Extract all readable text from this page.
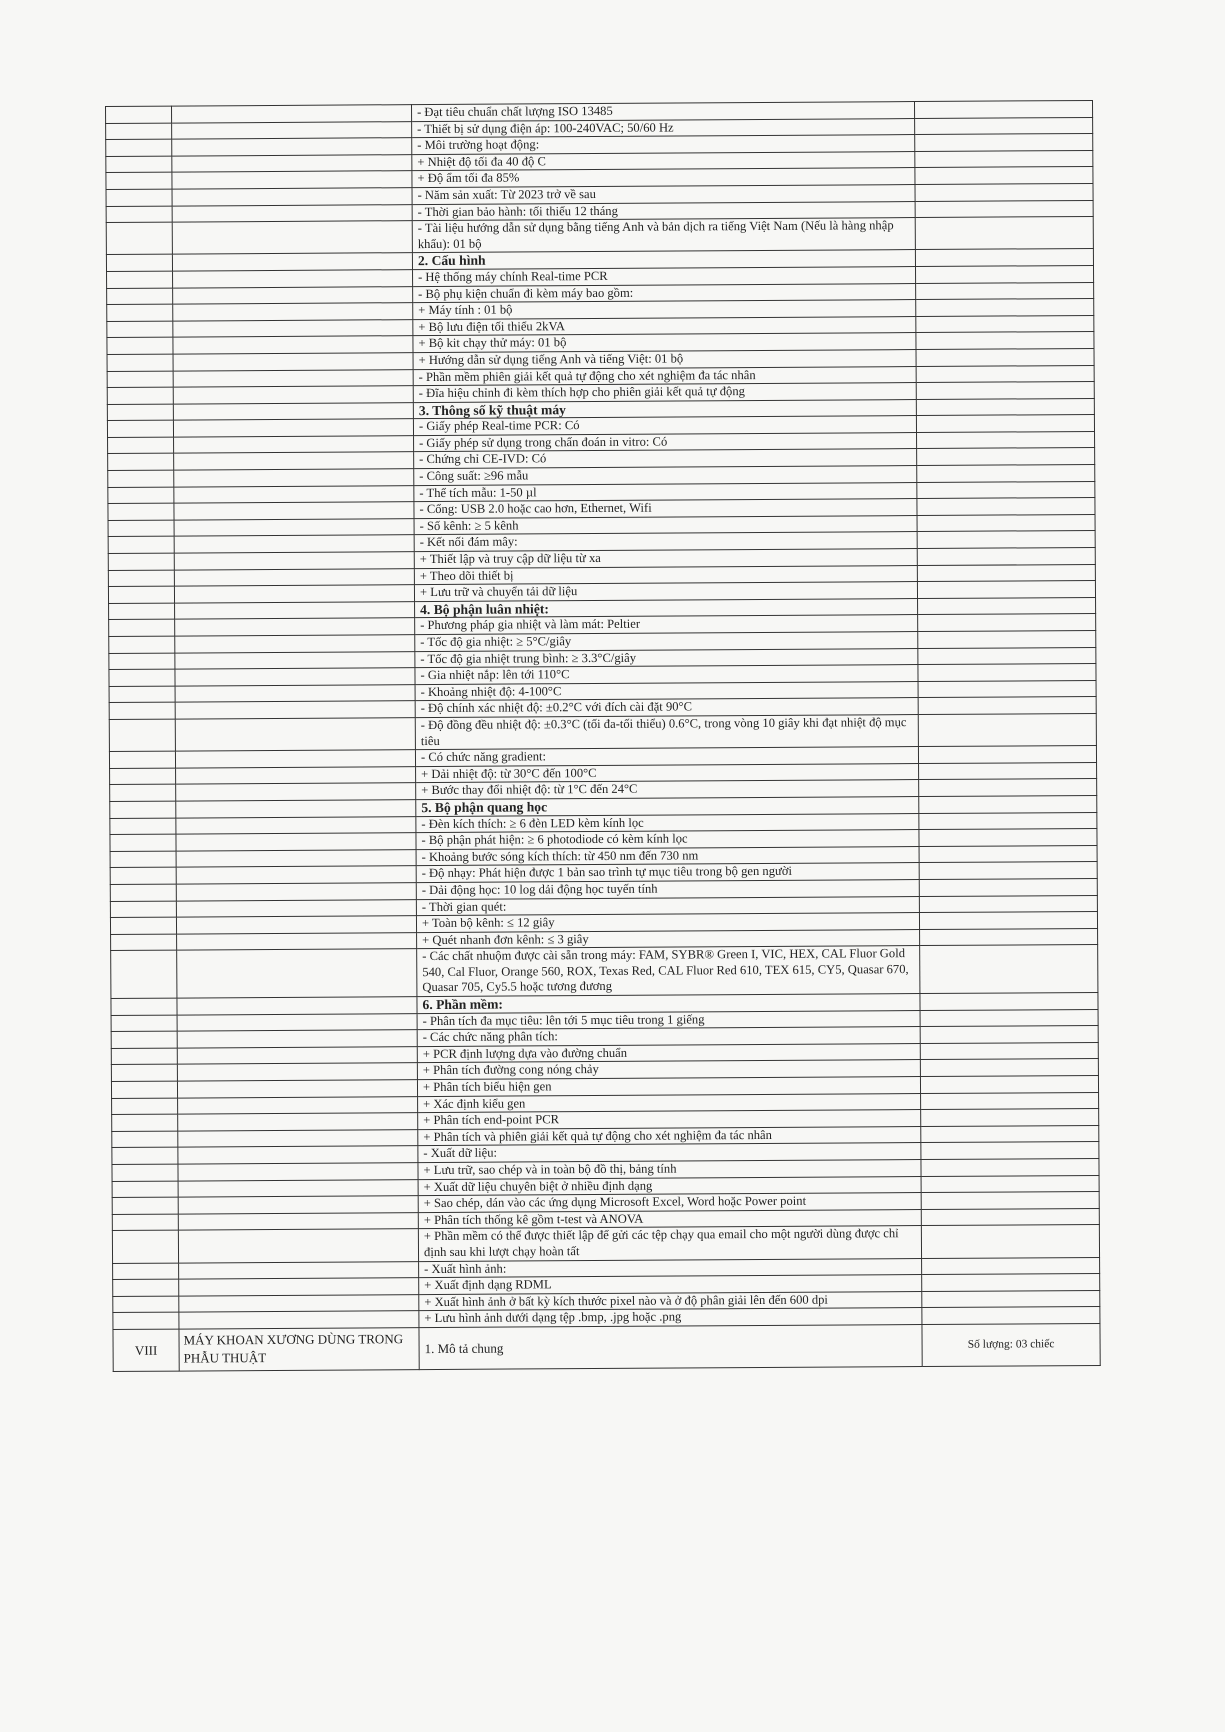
		- Đạt tiêu chuẩn chất lượng ISO 13485	
		- Thiết bị sử dụng điện áp: 100-240VAC; 50/60 Hz	
		- Môi trường hoạt động:	
		+ Nhiệt độ tối đa 40 độ C	
		+ Độ ẩm tối đa 85%	
		- Năm sản xuất: Từ 2023 trở về sau	
		- Thời gian bảo hành: tối thiểu 12 tháng	
		- Tài liệu hướng dẫn sử dụng bằng tiếng Anh và bản dịch ra tiếng Việt Nam (Nếu là hàng nhập khẩu): 01 bộ	
		2. Cấu hình	
		- Hệ thống máy chính Real-time PCR	
		- Bộ phụ kiện chuẩn đi kèm máy bao gồm:	
		+ Máy tính : 01 bộ	
		+ Bộ lưu điện tối thiểu 2kVA	
		+ Bộ kit chạy thử máy: 01 bộ	
		+ Hướng dẫn sử dụng tiếng Anh và tiếng Việt: 01 bộ	
		- Phần mềm phiên giải kết quả tự động cho xét nghiệm đa tác nhân	
		- Đĩa hiệu chỉnh đi kèm thích hợp cho phiên giải kết quả tự động	
		3. Thông số kỹ thuật máy	
		- Giấy phép Real-time PCR: Có	
		- Giấy phép sử dụng trong chẩn đoán in vitro: Có	
		- Chứng chỉ CE-IVD: Có	
		- Công suất: ≥96 mẫu	
		- Thể tích mẫu: 1-50 µl	
		- Cổng: USB 2.0 hoặc cao hơn, Ethernet, Wifi	
		- Số kênh: ≥ 5 kênh	
		- Kết nối đám mây:	
		+ Thiết lập và truy cập dữ liệu từ xa	
		+ Theo dõi thiết bị	
		+ Lưu trữ và chuyển tải dữ liệu	
		4. Bộ phận luân nhiệt:	
		- Phương pháp gia nhiệt và làm mát: Peltier	
		- Tốc độ gia nhiệt: ≥ 5°C/giây	
		- Tốc độ gia nhiệt trung bình: ≥ 3.3°C/giây	
		- Gia nhiệt nắp: lên tới 110°C	
		- Khoảng nhiệt độ: 4-100°C	
		- Độ chính xác nhiệt độ: ±0.2°C với đích cài đặt 90°C	
		- Độ đồng đều nhiệt độ: ±0.3°C (tối đa-tối thiểu) 0.6°C, trong vòng 10 giây khi đạt nhiệt độ mục tiêu	
		- Có chức năng gradient:	
		+ Dải nhiệt độ: từ 30°C đến 100°C	
		+ Bước thay đổi nhiệt độ: từ 1°C đến 24°C	
		5. Bộ phận quang học	
		- Đèn kích thích: ≥ 6 đèn LED kèm kính lọc	
		- Bộ phận phát hiện: ≥ 6 photodiode có kèm kính lọc	
		- Khoảng bước sóng kích thích: từ 450 nm đến 730 nm	
		- Độ nhạy: Phát hiện được 1 bản sao trình tự mục tiêu trong bộ gen người	
		- Dải động học: 10 log dải động học tuyến tính	
		- Thời gian quét:	
		+ Toàn bộ kênh: ≤ 12 giây	
		+ Quét nhanh đơn kênh: ≤ 3 giây	
		- Các chất nhuộm được cài sẵn trong máy: FAM, SYBR® Green I, VIC, HEX, CAL Fluor Gold 540, Cal Fluor, Orange 560, ROX, Texas Red, CAL Fluor Red 610, TEX 615, CY5, Quasar 670, Quasar 705, Cy5.5 hoặc tương đương	
		6. Phần mềm:	
		- Phân tích đa mục tiêu: lên tới 5 mục tiêu trong 1 giếng	
		- Các chức năng phân tích:	
		+ PCR định lượng dựa vào đường chuẩn	
		+ Phân tích đường cong nóng chảy	
		+ Phân tích biểu hiện gen	
		+ Xác định kiểu gen	
		+ Phân tích end-point PCR	
		+ Phân tích và phiên giải kết quả tự động cho xét nghiệm đa tác nhân	
		- Xuất dữ liệu:	
		+ Lưu trữ, sao chép và in toàn bộ đồ thị, bảng tính	
		+ Xuất dữ liệu chuyên biệt ở nhiều định dạng	
		+ Sao chép, dán vào các ứng dụng Microsoft Excel, Word hoặc Power point	
		+ Phân tích thống kê gồm t-test và ANOVA	
		+ Phần mềm có thể được thiết lập để gửi các tệp chạy qua email cho một người dùng được chỉ định sau khi lượt chạy hoàn tất	
		- Xuất hình ảnh:	
		+ Xuất định dạng RDML	
		+ Xuất hình ảnh ở bất kỳ kích thước pixel nào và ở độ phân giải lên đến 600 dpi	
		+ Lưu hình ảnh dưới dạng tệp .bmp, .jpg hoặc .png	
VIII	MÁY KHOAN XƯƠNG DÙNG TRONG PHẪU THUẬT	1. Mô tả chung	Số lượng: 03 chiếc
